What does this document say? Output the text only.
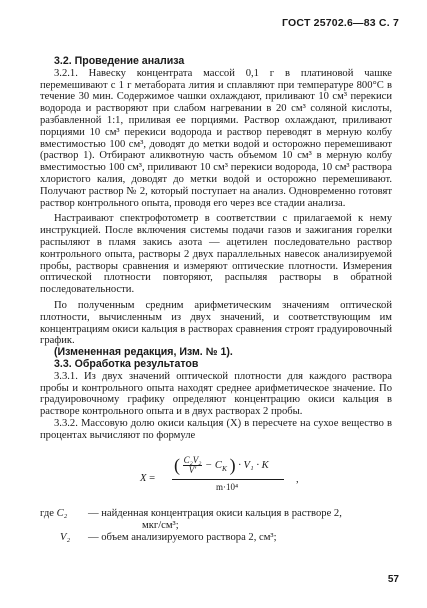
ГОСТ 25702.6—83 С. 7

3.2. Проведение анализа

3.2.1. Навеску концентрата массой 0,1 г в платиновой чашке перемешивают с 1 г метабората лития и сплавляют при температуре 800°С в течение 30 мин. Содержимое чашки охлаждают, приливают 10 см³ перекиси водорода и растворяют при слабом нагревании в 20 см³ соляной кислоты, разбавленной 1:1, приливая ее порциями. Раствор охлаждают, приливают порциями 10 см³ перекиси водорода и раствор переводят в мерную колбу вместимостью 100 см³, доводят до метки водой и осторожно перемешивают (раствор 1). Отбирают аликвотную часть объемом 10 см³ в мерную колбу вместимостью 100 см³, приливают 10 см³ перекиси водорода, 10 см³ раствора хлористого калия, доводят до метки водой и осторожно перемешивают. Получают раствор № 2, который поступает на анализ. Одновременно готовят раствор контрольного опыта, проводя его через все стадии анализа.

Настраивают спектрофотометр в соответствии с прилагаемой к нему инструкцией. После включения системы подачи газов и зажигания горелки распыляют в пламя закись азота — ацетилен последовательно раствор контрольного опыта, растворы 2 двух параллельных навесок анализируемой пробы, растворы сравнения и измеряют оптические плотности. Измерения оптической плотности повторяют, распыляя растворы в обратной последовательности.

По полученным средним арифметическим значениям оптической плотности, вычисленным из двух значений, и соответствующим им концентрациям окиси кальция в растворах сравнения строят градуировочный график.

(Измененная редакция, Изм. № 1).

3.3. Обработка результатов

3.3.1. Из двух значений оптической плотности для каждого раствора пробы и контрольного опыта находят среднее арифметическое значение. По градуировочному графику определяют концентрацию окиси кальция в растворе контрольного опыта и в двух растворах 2 пробы.

3.3.2. Массовую долю окиси кальция (X) в пересчете на сухое вещество в процентах вычисляют по формуле

X =
( $\frac{\text{C₂V₂}}{V'} - C_K$ ) · V₁ · K
m·10⁴
,
где C₂	— найденная концентрация окиси кальция в растворе 2,
мкг/см³;
V₂	— объем анализируемого раствора 2, см³;
57
